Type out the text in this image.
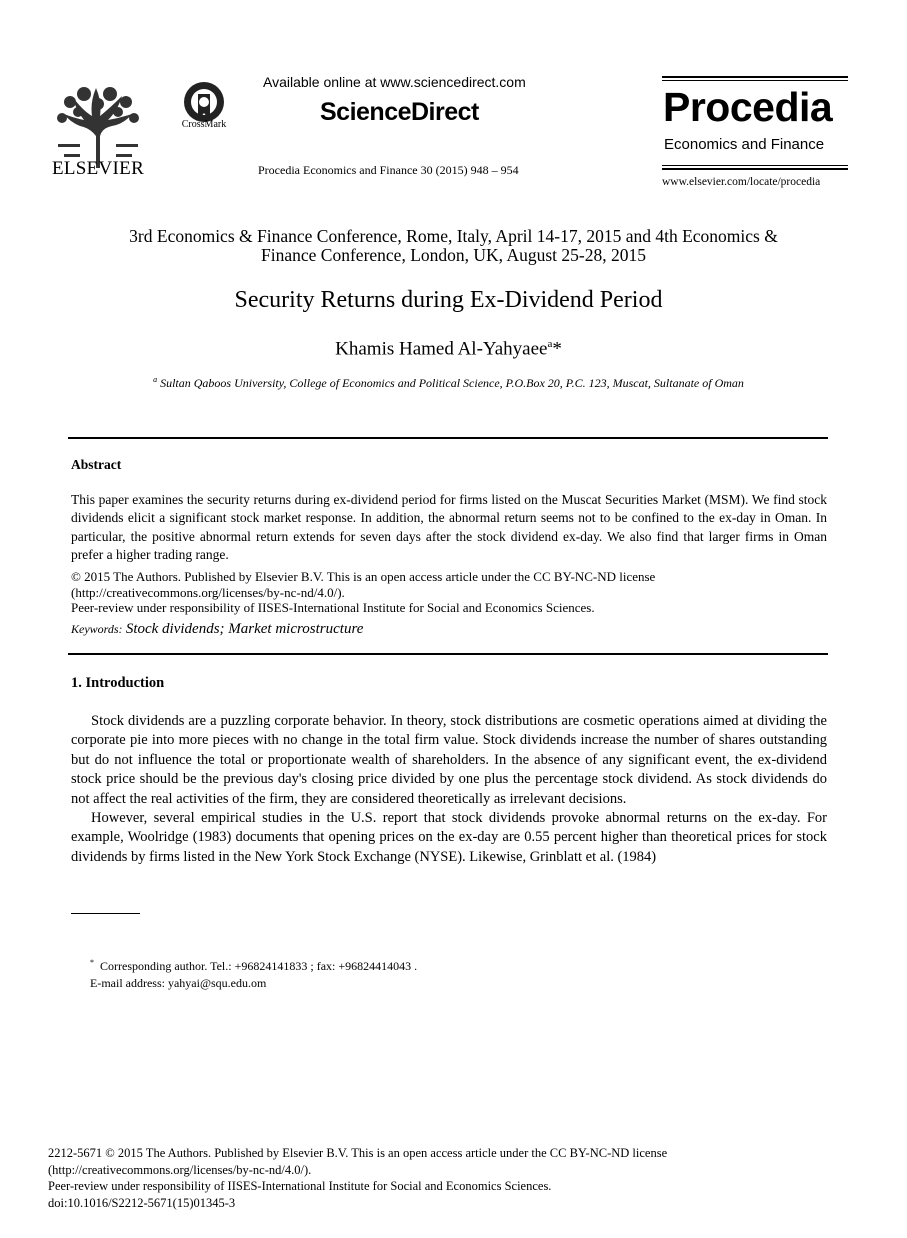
ELSEVIER
CrossMark
Available online at www.sciencedirect.com
ScienceDirect
Procedia Economics and Finance 30 (2015) 948 – 954
Procedia
Economics and Finance
www.elsevier.com/locate/procedia
3rd Economics & Finance Conference, Rome, Italy, April 14-17, 2015 and 4th Economics &
Finance Conference, London, UK, August 25-28, 2015
Security Returns during Ex-Dividend Period
Khamis Hamed Al-Yahyaee$^a$*
$^a$ Sultan Qaboos University, College of Economics and Political Science, P.O.Box 20, P.C. 123, Muscat, Sultanate of Oman
Abstract
This paper examines the security returns during ex-dividend period for firms listed on the Muscat Securities Market (MSM). We find stock dividends elicit a significant stock market response. In addition, the abnormal return seems not to be confined to the ex-day in Oman. In particular, the positive abnormal return extends for seven days after the stock dividend ex-day. We also find that larger firms in Oman prefer a higher trading range.
© 2015 The Authors. Published by Elsevier B.V. This is an open access article under the CC BY-NC-ND license
(http://creativecommons.org/licenses/by-nc-nd/4.0/).
Peer-review under responsibility of IISES-International Institute for Social and Economics Sciences.
Keywords: Stock dividends; Market microstructure
1. Introduction

Stock dividends are a puzzling corporate behavior. In theory, stock distributions are cosmetic operations aimed at dividing the corporate pie into more pieces with no change in the total firm value. Stock dividends increase the number of shares outstanding but do not influence the total or proportionate wealth of shareholders. In the absence of any significant event, the ex-dividend stock price should be the previous day's closing price divided by one plus the percentage stock dividend. As stock dividends do not affect the real activities of the firm, they are considered theoretically as irrelevant decisions.

However, several empirical studies in the U.S. report that stock dividends provoke abnormal returns on the ex-day. For example, Woolridge (1983) documents that opening prices on the ex-day are 0.55 percent higher than theoretical prices for stock dividends by firms listed in the New York Stock Exchange (NYSE). Likewise, Grinblatt et al. (1984)

* Corresponding author. Tel.: +96824141833 ; fax: +96824414043 .
E-mail address: yahyai@squ.edu.om
2212-5671 © 2015 The Authors. Published by Elsevier B.V. This is an open access article under the CC BY-NC-ND license
(http://creativecommons.org/licenses/by-nc-nd/4.0/).
Peer-review under responsibility of IISES-International Institute for Social and Economics Sciences.
doi:10.1016/S2212-5671(15)01345-3
